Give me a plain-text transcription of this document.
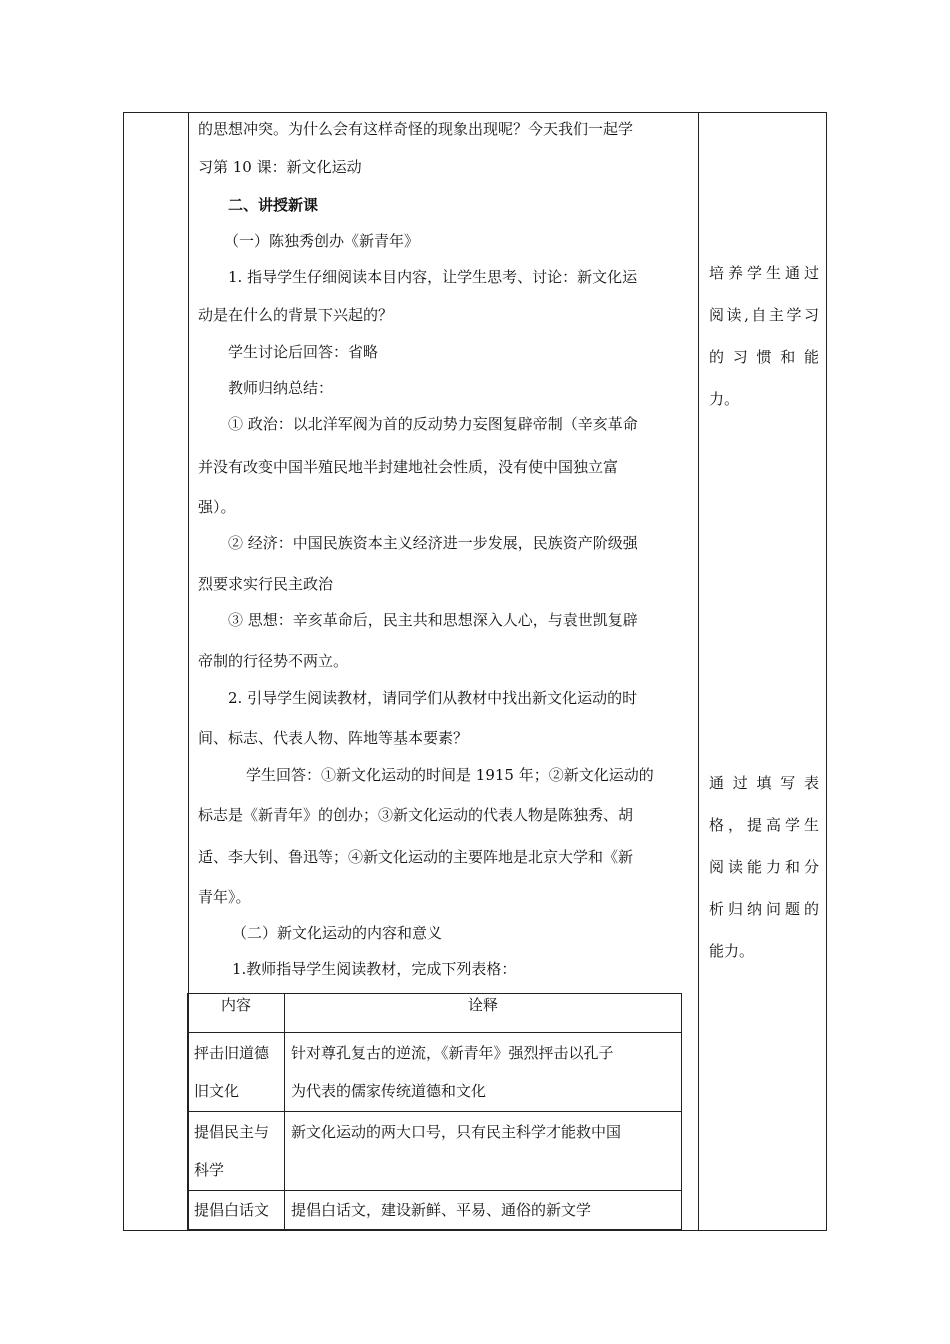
的思想冲突。为什么会有这样奇怪的现象出现呢？今天我们一起学
习第 10 课：新文化运动
二、讲授新课
（一）陈独秀创办《新青年》
1. 指导学生仔细阅读本目内容，让学生思考、讨论：新文化运
动是在什么的背景下兴起的？
学生讨论后回答：省略
教师归纳总结：
① 政治：以北洋军阀为首的反动势力妄图复辟帝制（辛亥革命
并没有改变中国半殖民地半封建地社会性质，没有使中国独立富
强）。
② 经济：中国民族资本主义经济进一步发展，民族资产阶级强
烈要求实行民主政治
③ 思想：辛亥革命后，民主共和思想深入人心，与袁世凯复辟
帝制的行径势不两立。
2. 引导学生阅读教材，请同学们从教材中找出新文化运动的时
间、标志、代表人物、阵地等基本要素？
学生回答：①新文化运动的时间是 1915 年；②新文化运动的
标志是《新青年》的创办；③新文化运动的代表人物是陈独秀、胡
适、李大钊、鲁迅等；④新文化运动的主要阵地是北京大学和《新
青年》。
（二）新文化运动的内容和意义
1.教师指导学生阅读教材，完成下列表格：
培养学生通过
阅读,自主学习
的 习 惯 和 能
力。
通 过 填 写 表
格，提高学生
阅读能力和分
析归纳问题的
能力。
内容	诠释

抨击旧道德
旧文化	针对尊孔复古的逆流，《新青年》强烈抨击以孔子
为代表的儒家传统道德和文化

提倡民主与
科学	新文化运动的两大口号，只有民主科学才能救中国

提倡白话文	提倡白话文，建设新鲜、平易、通俗的新文学
